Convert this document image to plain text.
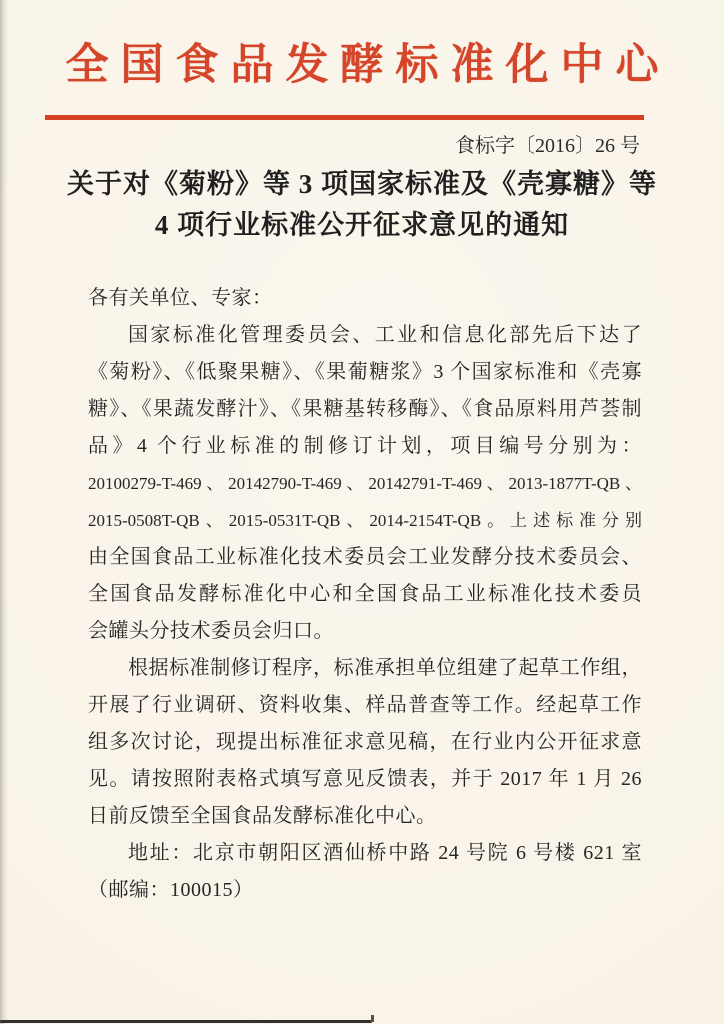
全国食品发酵标准化中心
食标字〔2016〕26 号
关于对《菊粉》等 3 项国家标准及《壳寡糖》等
4 项行业标准公开征求意见的通知
各有关单位、专家：
国家标准化管理委员会、工业和信息化部先后下达了
《菊粉》、《低聚果糖》、《果葡糖浆》3 个国家标准和《壳寡
糖》、《果蔬发酵汁》、《果糖基转移酶》、《食品原料用芦荟制
品》4 个行业标准的制修订计划，项目编号分别为：
20100279-T-469、20142790-T-469、20142791-T-469、2013-1877T-QB、
2015-0508T-QB、2015-0531T-QB、2014-2154T-QB。上述标准分别
由全国食品工业标准化技术委员会工业发酵分技术委员会、
全国食品发酵标准化中心和全国食品工业标准化技术委员
会罐头分技术委员会归口。
根据标准制修订程序，标准承担单位组建了起草工作组，
开展了行业调研、资料收集、样品普查等工作。经起草工作
组多次讨论，现提出标准征求意见稿，在行业内公开征求意
见。请按照附表格式填写意见反馈表，并于 2017 年 1 月 26
日前反馈至全国食品发酵标准化中心。
地址：北京市朝阳区酒仙桥中路 24 号院 6 号楼 621 室
（邮编：100015）
